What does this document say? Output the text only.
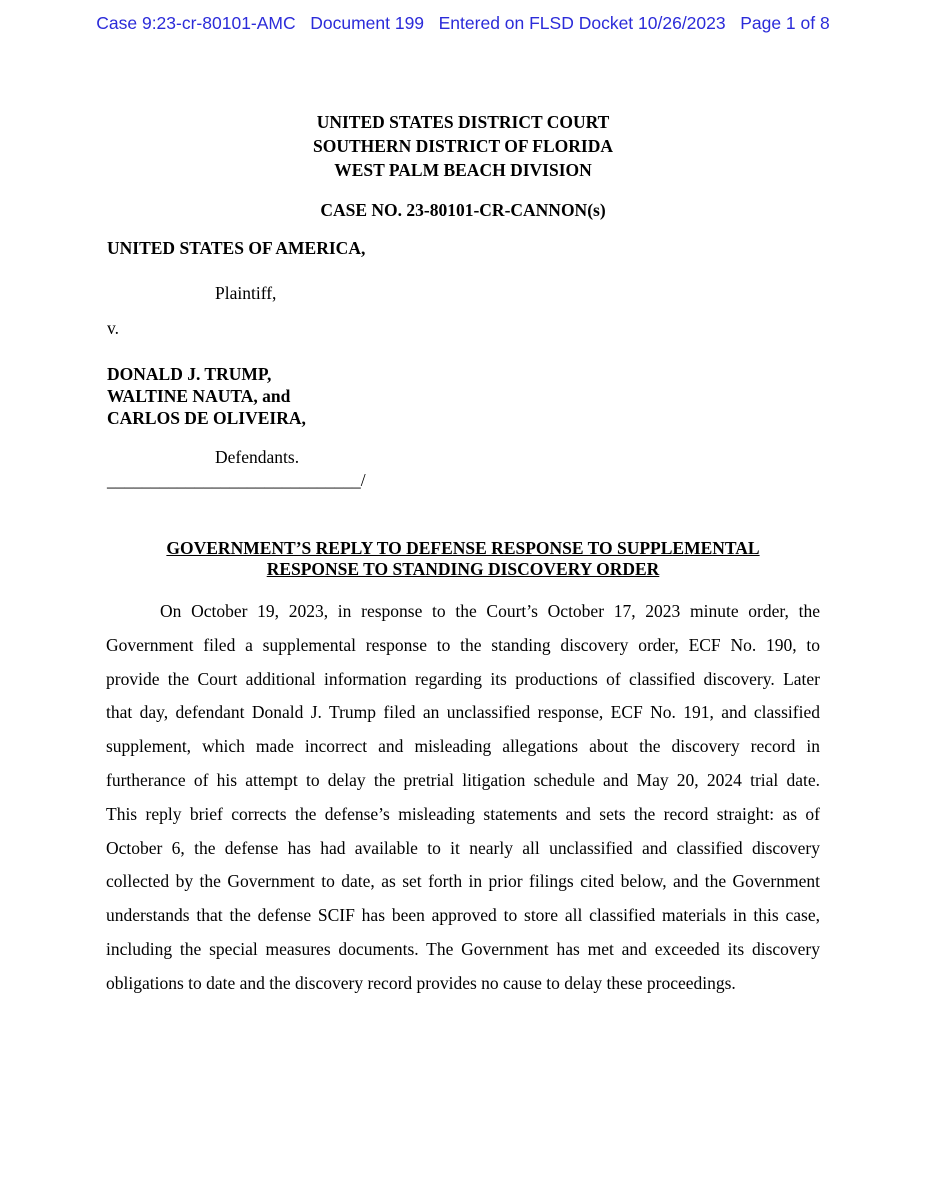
Case 9:23-cr-80101-AMC   Document 199   Entered on FLSD Docket 10/26/2023   Page 1 of 8
UNITED STATES DISTRICT COURT
SOUTHERN DISTRICT OF FLORIDA
WEST PALM BEACH DIVISION
CASE NO. 23-80101-CR-CANNON(s)
UNITED STATES OF AMERICA,
Plaintiff,
v.
DONALD J. TRUMP,
WALTINE NAUTA, and
CARLOS DE OLIVEIRA,
Defendants.
_____________________________/
GOVERNMENT’S REPLY TO DEFENSE RESPONSE TO SUPPLEMENTAL
RESPONSE TO STANDING DISCOVERY ORDER
On October 19, 2023, in response to the Court’s October 17, 2023 minute order, the
Government filed a supplemental response to the standing discovery order, ECF No. 190, to
provide the Court additional information regarding its productions of classified discovery. Later
that day, defendant Donald J. Trump filed an unclassified response, ECF No. 191, and classified
supplement, which made incorrect and misleading allegations about the discovery record in
furtherance of his attempt to delay the pretrial litigation schedule and May 20, 2024 trial date.
This reply brief corrects the defense’s misleading statements and sets the record straight: as of
October 6, the defense has had available to it nearly all unclassified and classified discovery
collected by the Government to date, as set forth in prior filings cited below, and the Government
understands that the defense SCIF has been approved to store all classified materials in this case,
including the special measures documents. The Government has met and exceeded its discovery
obligations to date and the discovery record provides no cause to delay these proceedings.
